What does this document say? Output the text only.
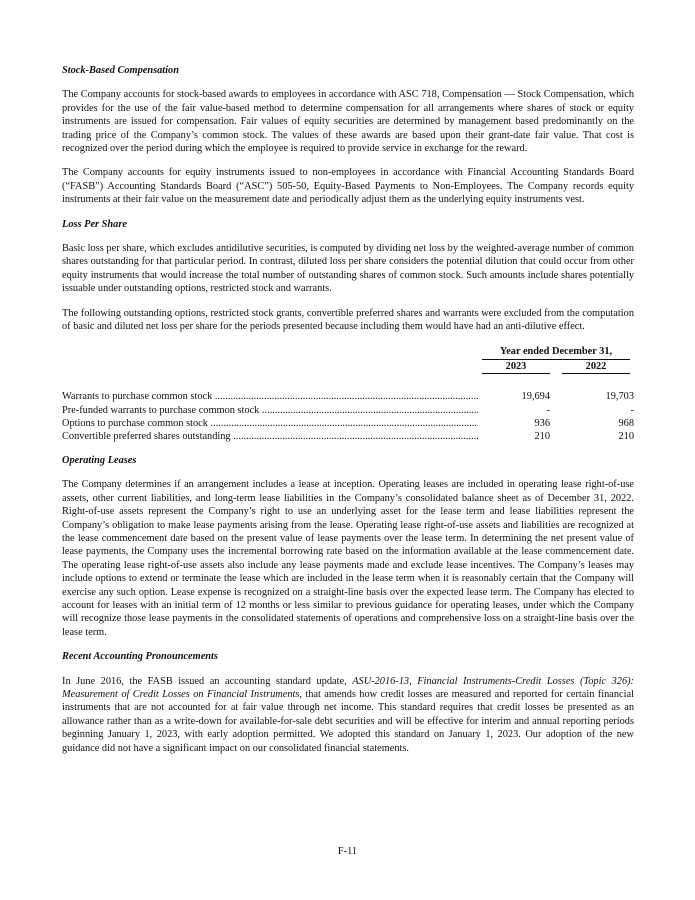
Stock-Based Compensation

The Company accounts for stock-based awards to employees in accordance with ASC 718, Compensation — Stock Compensation, which provides for the use of the fair value-based method to determine compensation for all arrangements where shares of stock or equity instruments are issued for compensation. Fair values of equity securities are determined by management based predominantly on the trading price of the Company’s common stock. The values of these awards are based upon their grant-date fair value. That cost is recognized over the period during which the employee is required to provide service in exchange for the reward.

The Company accounts for equity instruments issued to non-employees in accordance with Financial Accounting Standards Board (“FASB”) Accounting Standards Board (“ASC”) 505-50, Equity-Based Payments to Non-Employees. The Company records equity instruments at their fair value on the measurement date and periodically adjust them as the underlying equity instruments vest.

Loss Per Share

Basic loss per share, which excludes antidilutive securities, is computed by dividing net loss by the weighted-average number of common shares outstanding for that particular period. In contrast, diluted loss per share considers the potential dilution that could occur from other equity instruments that would increase the total number of outstanding shares of common stock. Such amounts include shares potentially issuable under outstanding options, restricted stock and warrants.

The following outstanding options, restricted stock grants, convertible preferred shares and warrants were excluded from the computation of basic and diluted net loss per share for the periods presented because including them would have had an anti-dilutive effect.

Year ended December 31,
2023	2022
Warrants to purchase common stock .....	19,694	19,703
Pre-funded warrants to purchase common stock .....	-	-
Options to purchase common stock .....	936	968
Convertible preferred shares outstanding .....	210	210
Operating Leases

The Company determines if an arrangement includes a lease at inception. Operating leases are included in operating lease right-of-use assets, other current liabilities, and long-term lease liabilities in the Company’s consolidated balance sheet as of December 31, 2022. Right-of-use assets represent the Company’s right to use an underlying asset for the lease term and lease liabilities represent the Company’s obligation to make lease payments arising from the lease. Operating lease right-of-use assets and liabilities are recognized at the lease commencement date based on the present value of lease payments over the lease term. In determining the net present value of lease payments, the Company uses the incremental borrowing rate based on the information available at the lease commencement date. The operating lease right-of-use assets also include any lease payments made and exclude lease incentives. The Company’s leases may include options to extend or terminate the lease which are included in the lease term when it is reasonably certain that the Company will exercise any such option. Lease expense is recognized on a straight-line basis over the expected lease term. The Company has elected to account for leases with an initial term of 12 months or less similar to previous guidance for operating leases, under which the Company will recognize those lease payments in the consolidated statements of operations and comprehensive loss on a straight-line basis over the lease term.

Recent Accounting Pronouncements

In June 2016, the FASB issued an accounting standard update, ASU-2016-13, Financial Instruments-Credit Losses (Topic 326): Measurement of Credit Losses on Financial Instruments, that amends how credit losses are measured and reported for certain financial instruments that are not accounted for at fair value through net income. This standard requires that credit losses be presented as an allowance rather than as a write-down for available-for-sale debt securities and will be effective for interim and annual reporting periods beginning January 1, 2023, with early adoption permitted. We adopted this standard on January 1, 2023. Our adoption of the new guidance did not have a significant impact on our consolidated financial statements.

F-11
